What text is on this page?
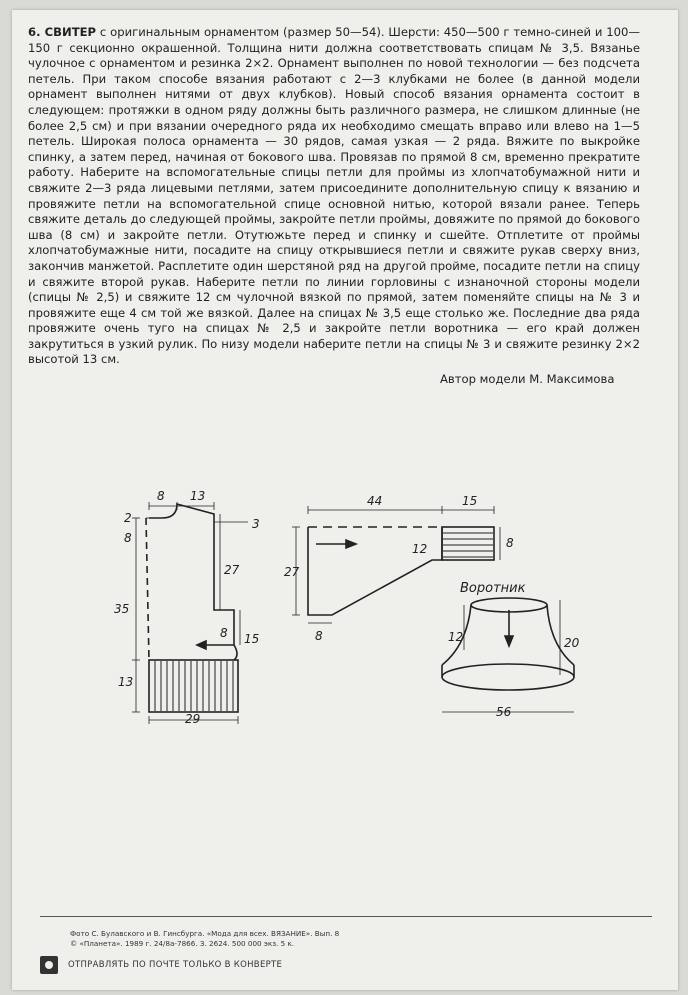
6. СВИТЕР с оригинальным орнаментом (размер 50—54). Шерсти: 450—500 г темно-синей и 100—150 г секционно окрашенной. Толщина нити должна соответствовать спицам № 3,5. Вязанье чулочное с орнаментом и резинка 2×2. Орнамент выполнен по новой технологии — без подсчета петель. При таком способе вязания работают с 2—3 клубками не более (в данной модели орнамент выполнен нитями от двух клубков). Новый способ вязания орнамента состоит в следующем: протяжки в одном ряду должны быть различного размера, не слишком длинные (не более 2,5 см) и при вязании очередного ряда их необходимо смещать вправо или влево на 1—5 петель. Широкая полоса орнамента — 30 рядов, самая узкая — 2 ряда. Вяжите по выкройке спинку, а затем перед, начиная от бокового шва. Провязав по прямой 8 см, временно прекратите работу. Наберите на вспомогательные спицы петли для проймы из хлопчатобумажной нити и свяжите 2—3 ряда лицевыми петлями, затем присоедините дополнительную спицу к вязанию и провяжите петли на вспомогательной спице основной нитью, которой вязали ранее. Теперь свяжите деталь до следующей проймы, закройте петли проймы, довяжите по прямой до бокового шва (8 см) и закройте петли. Отутюжьте перед и спинку и сшейте. Отплетите от проймы хлопчатобумажные нити, посадите на спицу открывшиеся петли и свяжите рукав сверху вниз, закончив манжетой. Расплетите один шерстяной ряд на другой пройме, посадите петли на спицу и свяжите второй рукав. Наберите петли по линии горловины с изнаночной стороны модели (спицы № 2,5) и свяжите 12 см чулочной вязкой по прямой, затем поменяйте спицы на № 3 и провяжите еще 4 см той же вязкой. Далее на спицах № 3,5 еще столько же. Последние два ряда провяжите очень туго на спицах № 2,5 и закройте петли воротника — его край должен закрутиться в узкий рулик. По низу модели наберите петли на спицы № 3 и свяжите резинку 2×2 высотой 13 см.
Автор модели М. Максимова
8 13
2
8
3
27
35
8 15
13
29
44	15
27
12	8
8
Воротник
12	20
56
Фото С. Булавского и В. Гинсбурга. «Мода для всех. ВЯЗАНИЕ». Вып. 8
© «Планета». 1989 г. 24/8а-7866. З. 2624. 500 000 экз. 5 к.
ОТПРАВЛЯТЬ ПО ПОЧТЕ ТОЛЬКО В КОНВЕРТЕ
